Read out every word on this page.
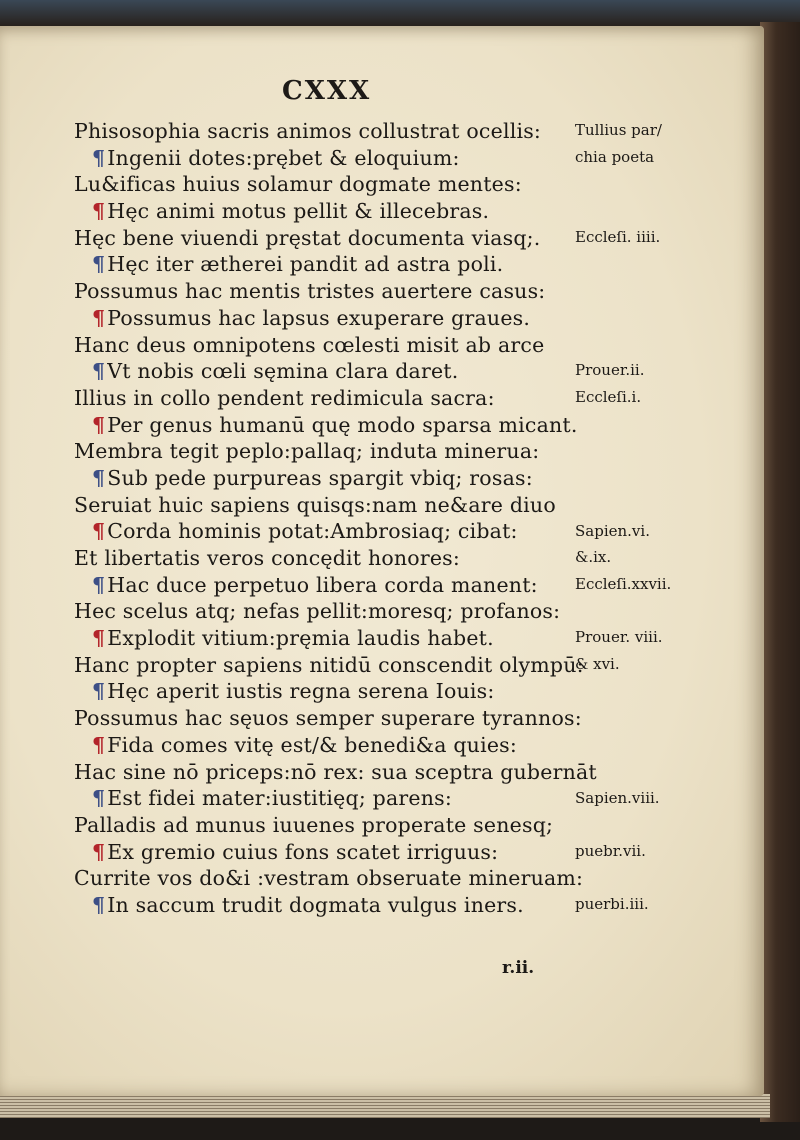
CXXX
Phisosophia sacris animos collustrat ocellis:
¶Ingenii dotes:prębet & eloquium:
Lu&ificas huius solamur dogmate mentes:
¶Hęc animi motus pellit & illecebras.
Hęc bene viuendi pręstat documenta viasq;.
¶Hęc iter ætherei pandit ad astra poli.
Possumus hac mentis tristes auertere casus:
¶Possumus hac lapsus exuperare graues.
Hanc deus omnipotens cœlesti misit ab arce
¶Vt nobis cœli sęmina clara daret.
Illius in collo pendent redimicula sacra:
¶Per genus humanū quę modo sparsa micant.
Membra tegit peplo:pallaq; induta minerua:
¶Sub pede purpureas spargit vbiq; rosas:
Seruiat huic sapiens quisqs:nam ne&are diuo
¶Corda hominis potat:Ambrosiaq; cibat:
Et libertatis veros concędit honores:
¶Hac duce perpetuo libera corda manent:
Hec scelus atq; nefas pellit:moresq; profanos:
¶Explodit vitium:pręmia laudis habet.
Hanc propter sapiens nitidū conscendit olympū:
¶Hęc aperit iustis regna serena Iouis:
Possumus hac sęuos semper superare tyrannos:
¶Fida comes vitę est/& benedi&a quies:
Hac sine nō priceps:nō rex: sua sceptra gubernāt
¶Est fidei mater:iustitięq; parens:
Palladis ad munus iuuenes properate senesq;
¶Ex gremio cuius fons scatet irriguus:
Currite vos do&i :vestram obseruate mineruam:
¶In saccum trudit dogmata vulgus iners.
Tullius par/
chia poeta
Eccleſi. iiii.
Prouer.ii.
Eccleſi.i.
Sapien.vi.
&.ix.
Eccleſi.xxvii.
Prouer. viii.
& xvi.
Sapien.viii.
puebr.vii.
puerbi.iii.
r.ii.
